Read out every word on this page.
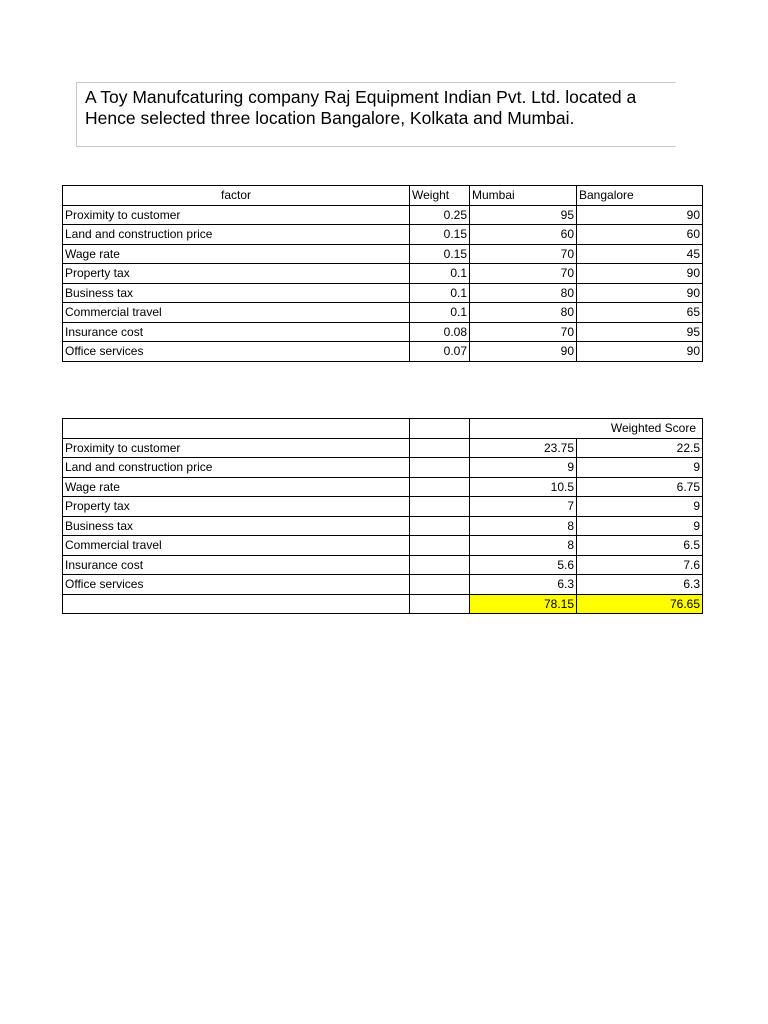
A Toy Manufcaturing company Raj Equipment Indian Pvt. Ltd. located a
Hence selected three location Bangalore, Kolkata and Mumbai.
factor	Weight	Mumbai	Bangalore
Proximity to customer	0.25	95	90
Land and construction price	0.15	60	60
Wage rate	0.15	70	45
Property tax	0.1	70	90
Business tax	0.1	80	90
Commercial travel	0.1	80	65
Insurance cost	0.08	70	95
Office services	0.07	90	90
		Weighted Score	
Proximity to customer		23.75	22.5
Land and construction price		9	9
Wage rate		10.5	6.75
Property tax		7	9
Business tax		8	9
Commercial travel		8	6.5
Insurance cost		5.6	7.6
Office services		6.3	6.3
		78.15	76.65
